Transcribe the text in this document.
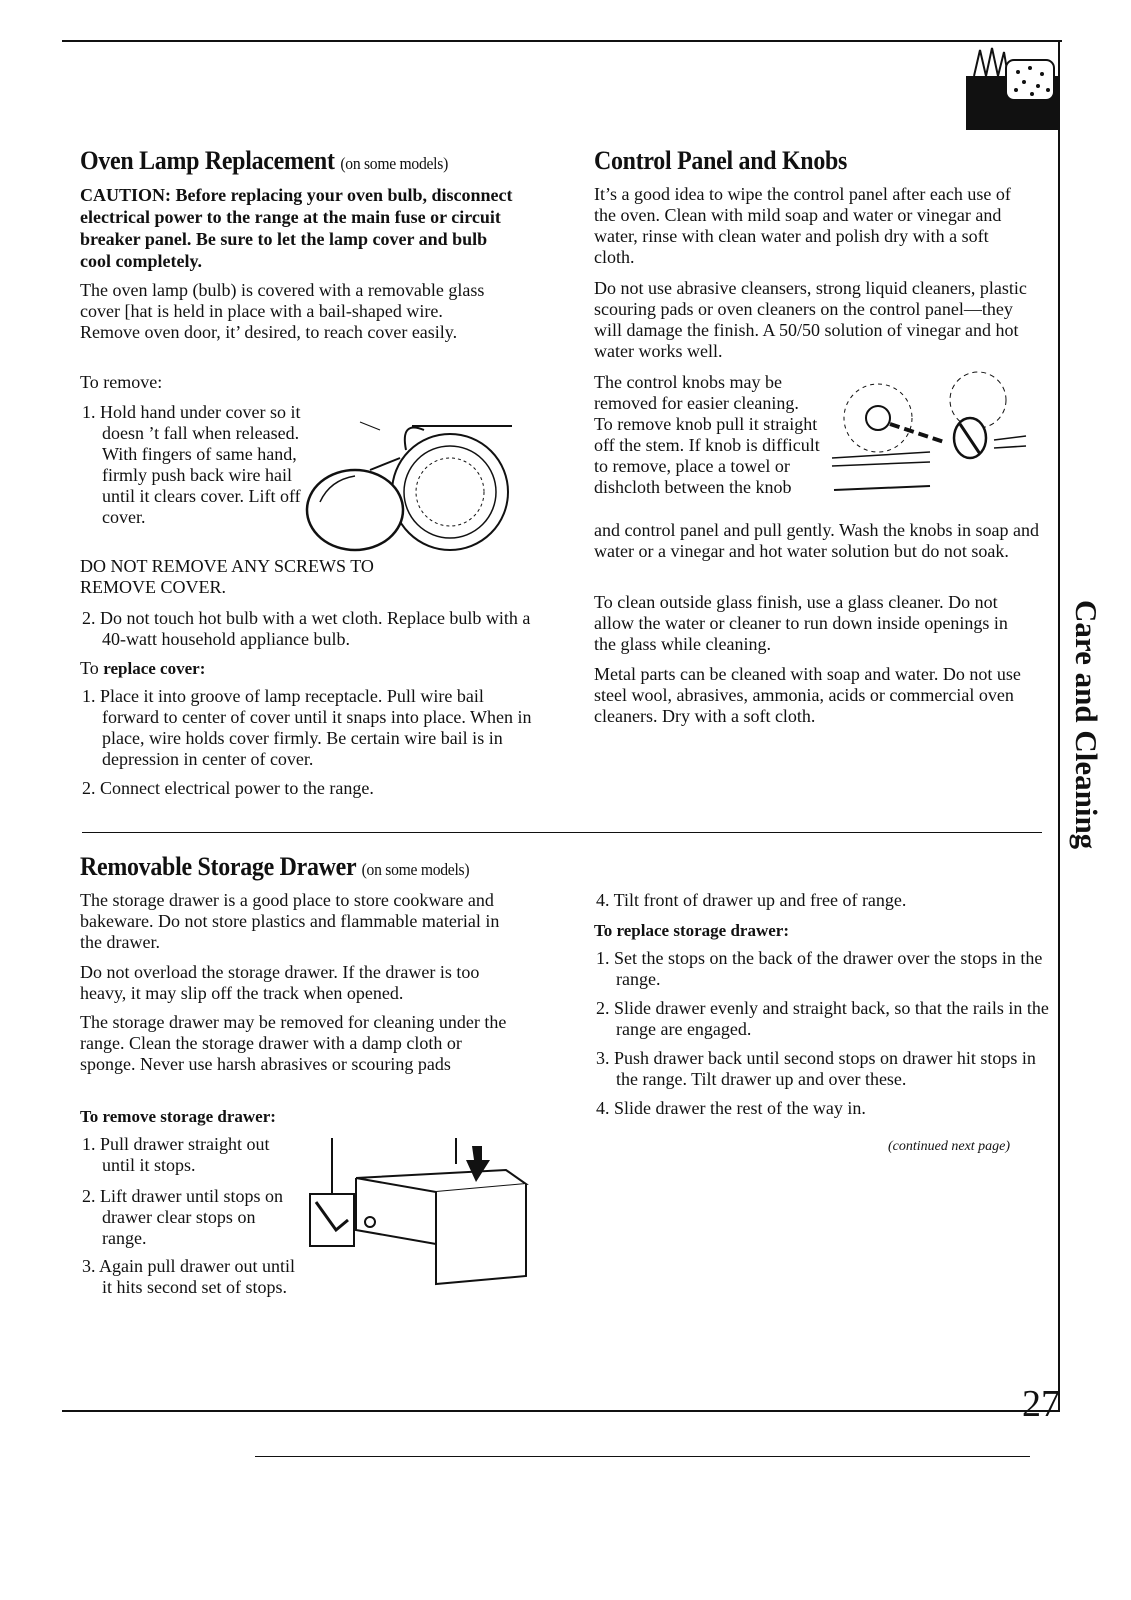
Care and Cleaning
Oven Lamp Replacement (on some models)

CAUTION: Before replacing your oven bulb, disconnect electrical power to the range at the main fuse or circuit breaker panel. Be sure to let the lamp cover and bulb cool completely.

The oven lamp (bulb) is covered with a removable glass cover [hat is held in place with a bail-shaped wire. Remove oven door, it’ desired, to reach cover easily.

To remove:

1. Hold hand under cover so it doesn ’t fall when released. With fingers of same hand, firmly push back wire hail until it clears cover. Lift off cover.

DO NOT REMOVE ANY SCREWS TO REMOVE COVER.

2. Do not touch hot bulb with a wet cloth. Replace bulb with a 40-watt household appliance bulb.

To replace cover:

1. Place it into groove of lamp receptacle. Pull wire bail forward to center of cover until it snaps into place. When in place, wire holds cover firmly. Be certain wire bail is in depression in center of cover.

2. Connect electrical power to the range.

Control Panel and Knobs

It’s a good idea to wipe the control panel after each use of the oven. Clean with mild soap and water or vinegar and water, rinse with clean water and polish dry with a soft cloth.

Do not use abrasive cleansers, strong liquid cleaners, plastic scouring pads or oven cleaners on the control panel—they will damage the finish. A 50/50 solution of vinegar and hot water works well.

The control knobs may be removed for easier cleaning. To remove knob pull it straight off the stem. If knob is difficult to remove, place a towel or dishcloth between the knob

and control panel and pull gently. Wash the knobs in soap and water or a vinegar and hot water solution but do not soak.

To clean outside glass finish, use a glass cleaner. Do not allow the water or cleaner to run down inside openings in the glass while cleaning.

Metal parts can be cleaned with soap and water. Do not use steel wool, abrasives, ammonia, acids or commercial oven cleaners. Dry with a soft cloth.

Removable Storage Drawer (on some models)

The storage drawer is a good place to store cookware and bakeware. Do not store plastics and flammable material in the drawer.

Do not overload the storage drawer. If the drawer is too heavy, it may slip off the track when opened.

The storage drawer may be removed for cleaning under the range. Clean the storage drawer with a damp cloth or sponge. Never use harsh abrasives or scouring pads

To remove storage drawer:

1. Pull drawer straight out until it stops.

2. Lift drawer until stops on drawer clear stops on range.

3. Again pull drawer out until it hits second set of stops.

4. Tilt front of drawer up and free of range.

To replace storage drawer:

1. Set the stops on the back of the drawer over the stops in the range.

2. Slide drawer evenly and straight back, so that the rails in the range are engaged.

3. Push drawer back until second stops on drawer hit stops in the range. Tilt drawer up and over these.

4. Slide drawer the rest of the way in.

(continued next page)

27
